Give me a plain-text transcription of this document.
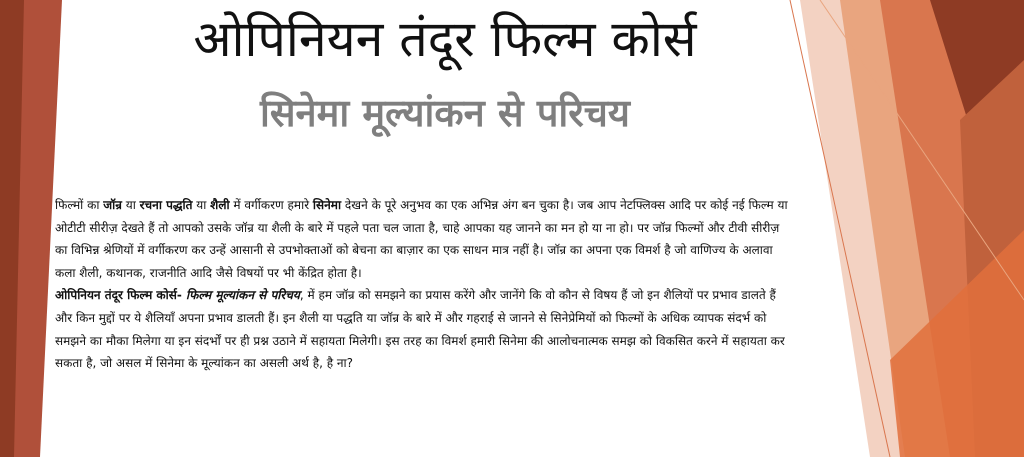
ओपिनियन तंदूर फिल्म कोर्स
सिनेमा मूल्यांकन से परिचय

फिल्मों का जॉन्र या रचना पद्धति या शैली में वर्गीकरण हमारे सिनेमा देखने के पूरे अनुभव का एक अभिन्न अंग बन चुका है। जब आप नेटफ्लिक्स आदि पर कोई नई फिल्म या ओटीटी सीरीज़ देखते हैं तो आपको उसके जॉन्र या शैली के बारे में पहले पता चल जाता है, चाहे आपका यह जानने का मन हो या ना हो। पर जॉन्र फिल्मों और टीवी सीरीज़ का विभिन्न श्रेणियों में वर्गीकरण कर उन्हें आसानी से उपभोक्ताओं को बेचना का बाज़ार का एक साधन मात्र नहीं है। जॉन्र का अपना एक विमर्श है जो वाणिज्य के अलावा कला शैली, कथानक, राजनीति आदि जैसे विषयों पर भी केंद्रित होता है।

ओपिनियन तंदूर फिल्म कोर्स- फिल्म मूल्यांकन से परिचय, में हम जॉन्र को समझने का प्रयास करेंगे और जानेंगे कि वो कौन से विषय हैं जो इन शैलियों पर प्रभाव डालते हैं और किन मुद्दों पर ये शैलियाँ अपना प्रभाव डालती हैं। इन शैली या पद्धति या जॉन्र के बारे में और गहराई से जानने से सिनेप्रेमियों को फिल्मों के अधिक व्यापक संदर्भ को समझने का मौका मिलेगा या इन संदर्भों पर ही प्रश्न उठाने में सहायता मिलेगी। इस तरह का विमर्श हमारी सिनेमा की आलोचनात्मक समझ को विकसित करने में सहायता कर सकता है, जो असल में सिनेमा के मूल्यांकन का असली अर्थ है, है ना?
